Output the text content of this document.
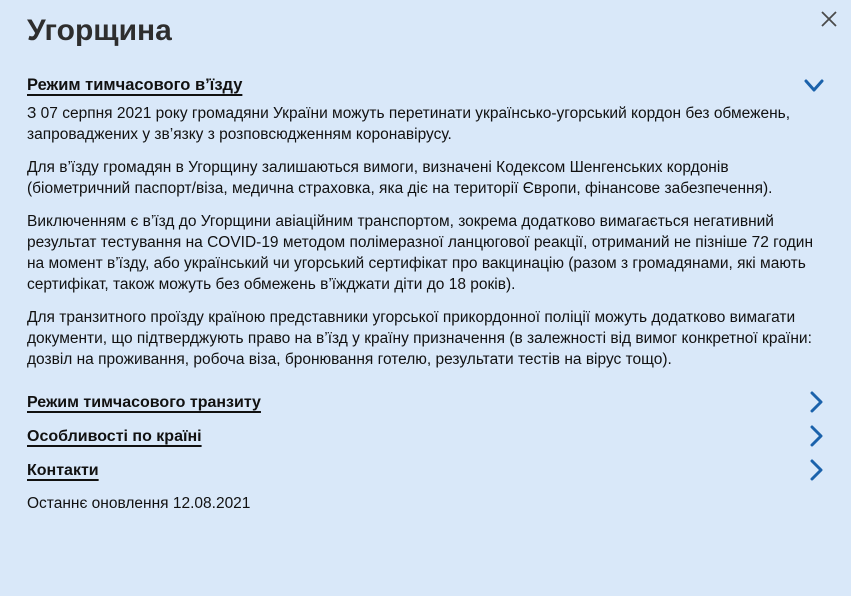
Угорщина
Режим тимчасового в’їзду

З 07 серпня 2021 року громадяни України можуть перетинати українсько-угорський кордон без обмежень, запроваджених у зв’язку з розповсюдженням коронавірусу.

Для в’їзду громадян в Угорщину залишаються вимоги, визначені Кодексом Шенгенських кордонів (біометричний паспорт/віза, медична страховка, яка діє на території Європи, фінансове забезпечення).

Виключенням є в’їзд до Угорщини авіаційним транспортом, зокрема додатково вимагається негативний результат тестування на COVID-19 методом полімеразної ланцюгової реакції, отриманий не пізніше 72 годин на момент в’їзду, або український чи угорський сертифікат про вакцинацію (разом з громадянами, які мають сертифікат, також можуть без обмежень в’їжджати діти до 18 років).

Для транзитного проїзду країною представники угорської прикордонної поліції можуть додатково вимагати документи, що підтверджують право на в’їзд у країну призначення (в залежності від вимог конкретної країни: дозвіл на проживання, робоча віза, бронювання готелю, результати тестів на вірус тощо).

Режим тимчасового транзиту
Особливості по країні
Контакти

Останнє оновлення 12.08.2021
